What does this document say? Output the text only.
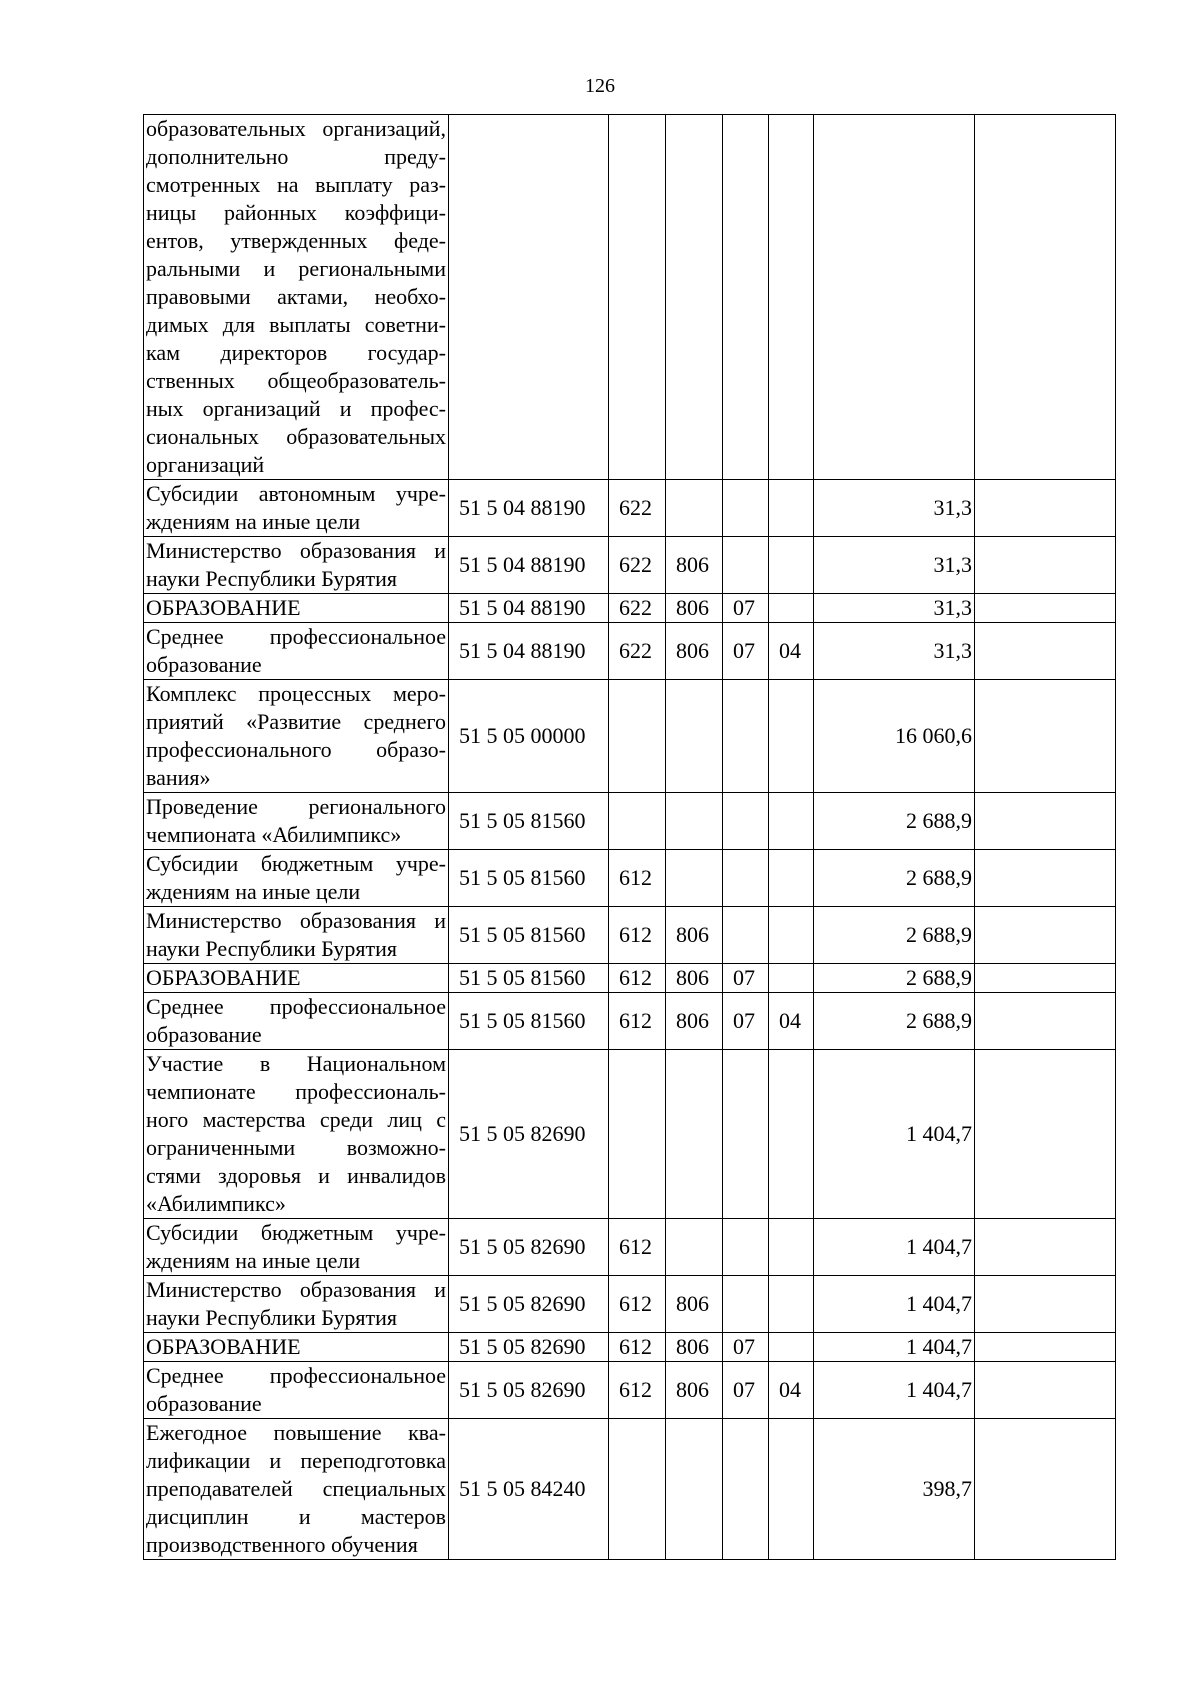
126
образовательных организаций, дополнительно предусмотренных на выплату разницы районных коэффициентов, утвержденных федеральными и региональными правовыми актами, необходимых для выплаты советникам директоров государственных общеобразовательных организаций и профессиональных образовательных организаций							
Субсидии автономным учреждениям на иные цели	51 5 04 88190	622				31,3	
Министерство образования и науки Республики Бурятия	51 5 04 88190	622	806			31,3	
ОБРАЗОВАНИЕ	51 5 04 88190	622	806	07		31,3	
Среднее профессиональное образование	51 5 04 88190	622	806	07	04	31,3	
Комплекс процессных мероприятий «Развитие среднего профессионального образования»	51 5 05 00000					16 060,6	
Проведение регионального чемпионата «Абилимпикс»	51 5 05 81560					2 688,9	
Субсидии бюджетным учреждениям на иные цели	51 5 05 81560	612				2 688,9	
Министерство образования и науки Республики Бурятия	51 5 05 81560	612	806			2 688,9	
ОБРАЗОВАНИЕ	51 5 05 81560	612	806	07		2 688,9	
Среднее профессиональное образование	51 5 05 81560	612	806	07	04	2 688,9	
Участие в Национальном чемпионате профессионального мастерства среди лиц с ограниченными возможностями здоровья и инвалидов «Абилимпикс»	51 5 05 82690					1 404,7	
Субсидии бюджетным учреждениям на иные цели	51 5 05 82690	612				1 404,7	
Министерство образования и науки Республики Бурятия	51 5 05 82690	612	806			1 404,7	
ОБРАЗОВАНИЕ	51 5 05 82690	612	806	07		1 404,7	
Среднее профессиональное образование	51 5 05 82690	612	806	07	04	1 404,7	
Ежегодное повышение квалификации и переподготовка преподавателей специальных дисциплин и мастеров производственного обучения	51 5 05 84240					398,7	
